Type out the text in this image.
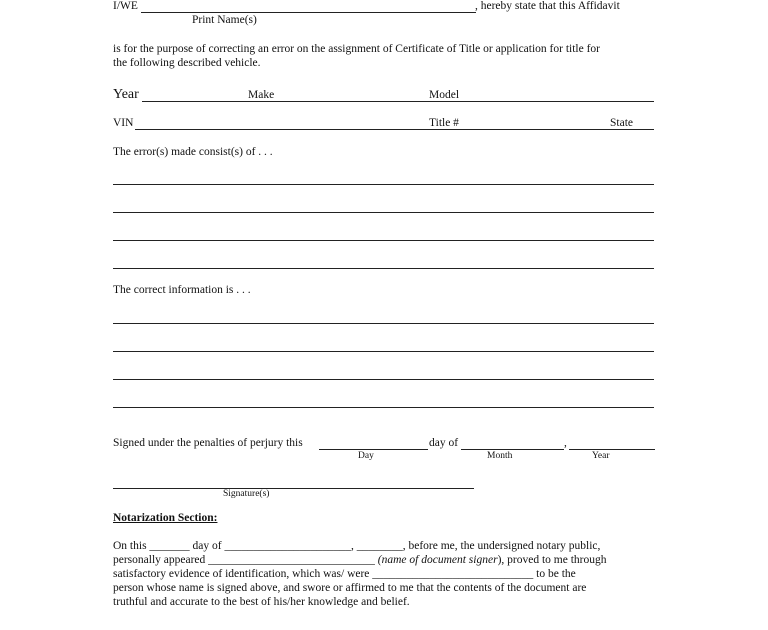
I/WE	, hereby state that this Affidavit
Print Name(s)
is for the purpose of correcting an error on the assignment of Certificate of Title or application for title for
the following described vehicle.
Year	Make	Model
VIN	Title #	State
The error(s) made consist(s) of . . .
The correct information is . . .
Signed under the penalties of perjury this	day of	,
Day	Month	Year
Signature(s)
Notarization Section:
On this _______ day of ______________________, ________, before me, the undersigned notary public,
personally appeared _____________________________ (name of document signer), proved to me through
satisfactory evidence of identification, which was/ were ____________________________ to be the
person whose name is signed above, and swore or affirmed to me that the contents of the document are
truthful and accurate to the best of his/her knowledge and belief.
